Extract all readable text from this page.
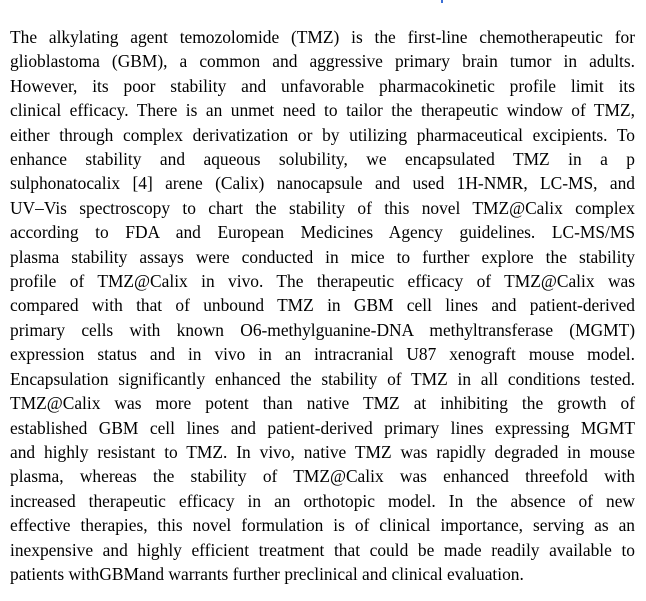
The alkylating agent temozolomide (TMZ) is the first-line chemotherapeutic for
glioblastoma (GBM), a common and aggressive primary brain tumor in adults.
However, its poor stability and unfavorable pharmacokinetic profile limit its
clinical efficacy. There is an unmet need to tailor the therapeutic window of TMZ,
either through complex derivatization or by utilizing pharmaceutical excipients. To
enhance stability and aqueous solubility, we encapsulated TMZ in a p
sulphonatocalix [4] arene (Calix) nanocapsule and used 1H-NMR, LC-MS, and
UV–Vis spectroscopy to chart the stability of this novel TMZ@Calix complex
according to FDA and European Medicines Agency guidelines. LC-MS/MS
plasma stability assays were conducted in mice to further explore the stability
profile of TMZ@Calix in vivo. The therapeutic efficacy of TMZ@Calix was
compared with that of unbound TMZ in GBM cell lines and patient-derived
primary cells with known O6-methylguanine-DNA methyltransferase (MGMT)
expression status and in vivo in an intracranial U87 xenograft mouse model.
Encapsulation significantly enhanced the stability of TMZ in all conditions tested.
TMZ@Calix was more potent than native TMZ at inhibiting the growth of
established GBM cell lines and patient-derived primary lines expressing MGMT
and highly resistant to TMZ. In vivo, native TMZ was rapidly degraded in mouse
plasma, whereas the stability of TMZ@Calix was enhanced threefold with
increased therapeutic efficacy in an orthotopic model. In the absence of new
effective therapies, this novel formulation is of clinical importance, serving as an
inexpensive and highly efficient treatment that could be made readily available to
patients withGBMand warrants further preclinical and clinical evaluation.
